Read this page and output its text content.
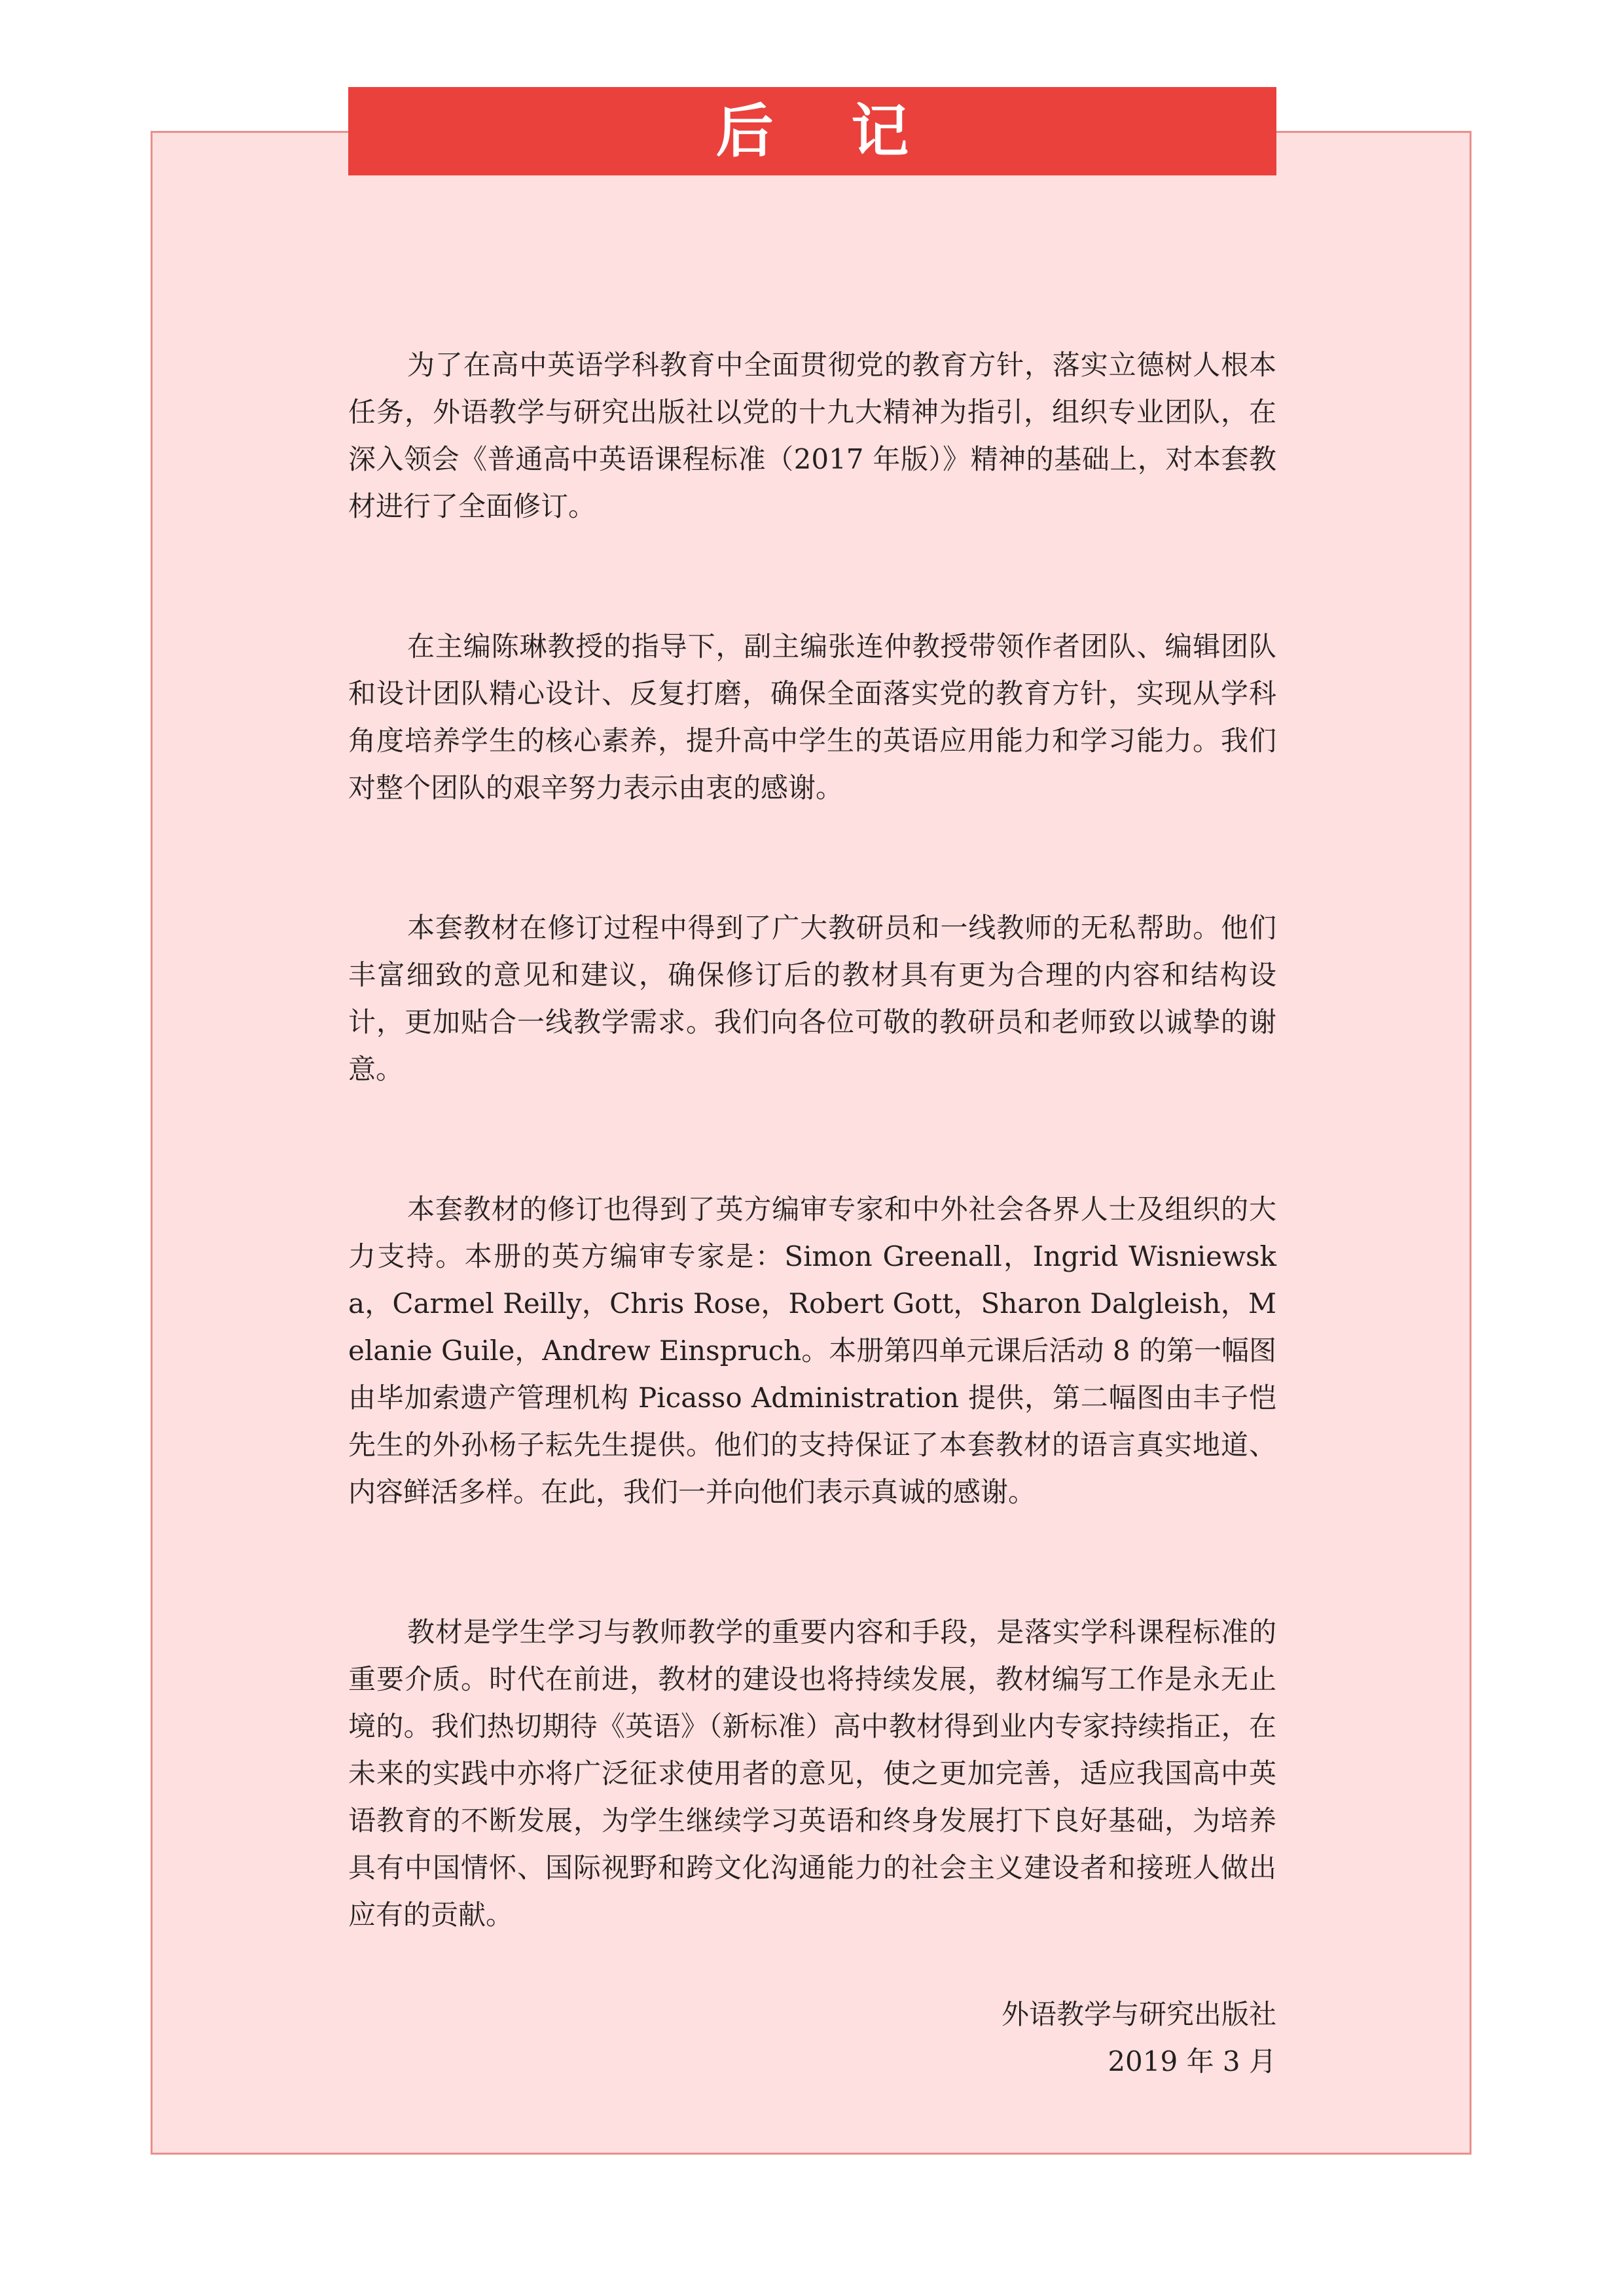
后 记

为了在高中英语学科教育中全面贯彻党的教育方针，落实立德树人根本任务，外语教学与研究出版社以党的十九大精神为指引，组织专业团队，在深入领会《普通高中英语课程标准（2017 年版）》精神的基础上，对本套教材进行了全面修订。

在主编陈琳教授的指导下，副主编张连仲教授带领作者团队、编辑团队和设计团队精心设计、反复打磨，确保全面落实党的教育方针，实现从学科角度培养学生的核心素养，提升高中学生的英语应用能力和学习能力。我们对整个团队的艰辛努力表示由衷的感谢。

本套教材在修订过程中得到了广大教研员和一线教师的无私帮助。他们丰富细致的意见和建议，确保修订后的教材具有更为合理的内容和结构设计，更加贴合一线教学需求。我们向各位可敬的教研员和老师致以诚挚的谢意。

本套教材的修订也得到了英方编审专家和中外社会各界人士及组织的大力支持。本册的英方编审专家是：Simon Greenall，Ingrid Wisniewska，Carmel Reilly，Chris Rose，Robert Gott，Sharon Dalgleish，Melanie Guile，Andrew Einspruch。本册第四单元课后活动 8 的第一幅图由毕加索遗产管理机构 Picasso Administration 提供，第二幅图由丰子恺先生的外孙杨子耘先生提供。他们的支持保证了本套教材的语言真实地道、内容鲜活多样。在此，我们一并向他们表示真诚的感谢。

教材是学生学习与教师教学的重要内容和手段，是落实学科课程标准的重要介质。时代在前进，教材的建设也将持续发展，教材编写工作是永无止境的。我们热切期待《英语》（新标准）高中教材得到业内专家持续指正，在未来的实践中亦将广泛征求使用者的意见，使之更加完善，适应我国高中英语教育的不断发展，为学生继续学习英语和终身发展打下良好基础，为培养具有中国情怀、国际视野和跨文化沟通能力的社会主义建设者和接班人做出应有的贡献。

外语教学与研究出版社
2019 年 3 月
